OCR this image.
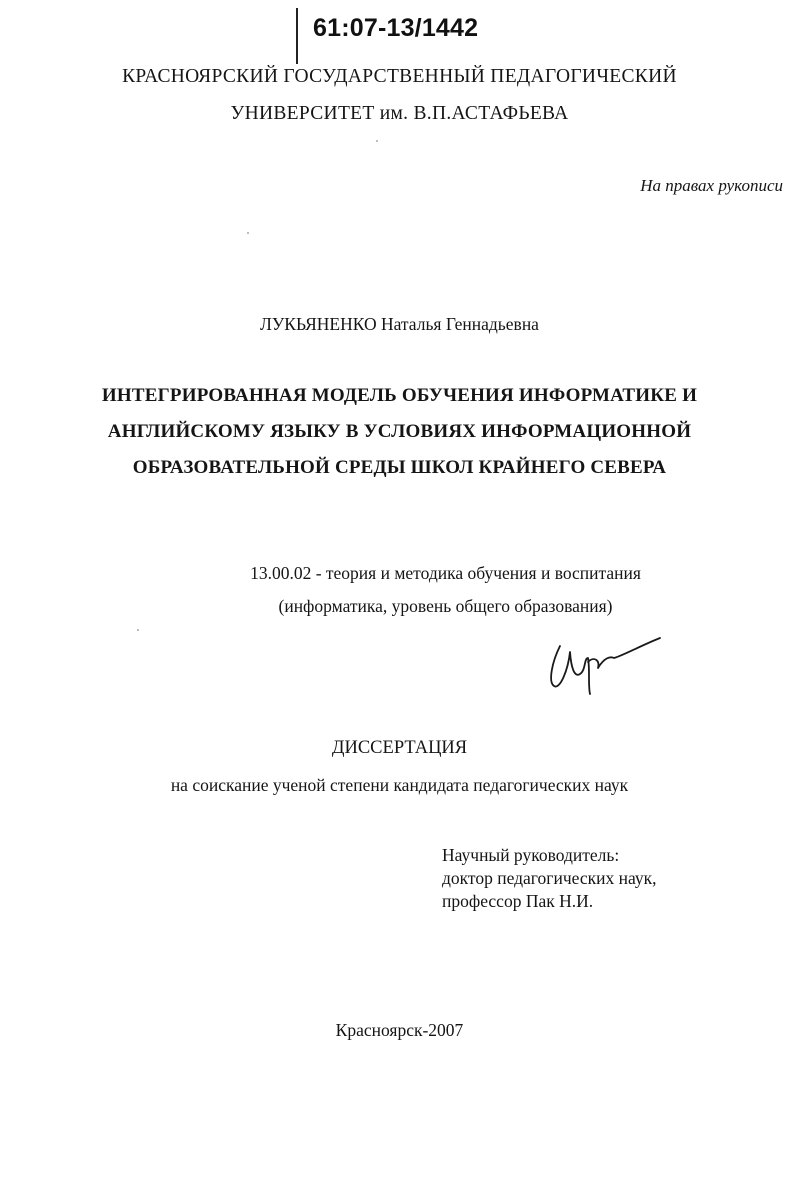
61:07-13/1442
КРАСНОЯРСКИЙ ГОСУДАРСТВЕННЫЙ ПЕДАГОГИЧЕСКИЙ
УНИВЕРСИТЕТ им. В.П.АСТАФЬЕВА
На правах рукописи
ЛУКЬЯНЕНКО Наталья Геннадьевна
ИНТЕГРИРОВАННАЯ МОДЕЛЬ ОБУЧЕНИЯ ИНФОРМАТИКЕ И
АНГЛИЙСКОМУ ЯЗЫКУ В УСЛОВИЯХ ИНФОРМАЦИОННОЙ
ОБРАЗОВАТЕЛЬНОЙ СРЕДЫ ШКОЛ КРАЙНЕГО СЕВЕРА
13.00.02 - теория и методика обучения и воспитания
(информатика, уровень общего образования)
ДИССЕРТАЦИЯ
на соискание ученой степени кандидата педагогических наук
Научный руководитель:
доктор педагогических наук,
профессор Пак Н.И.
Красноярск-2007
